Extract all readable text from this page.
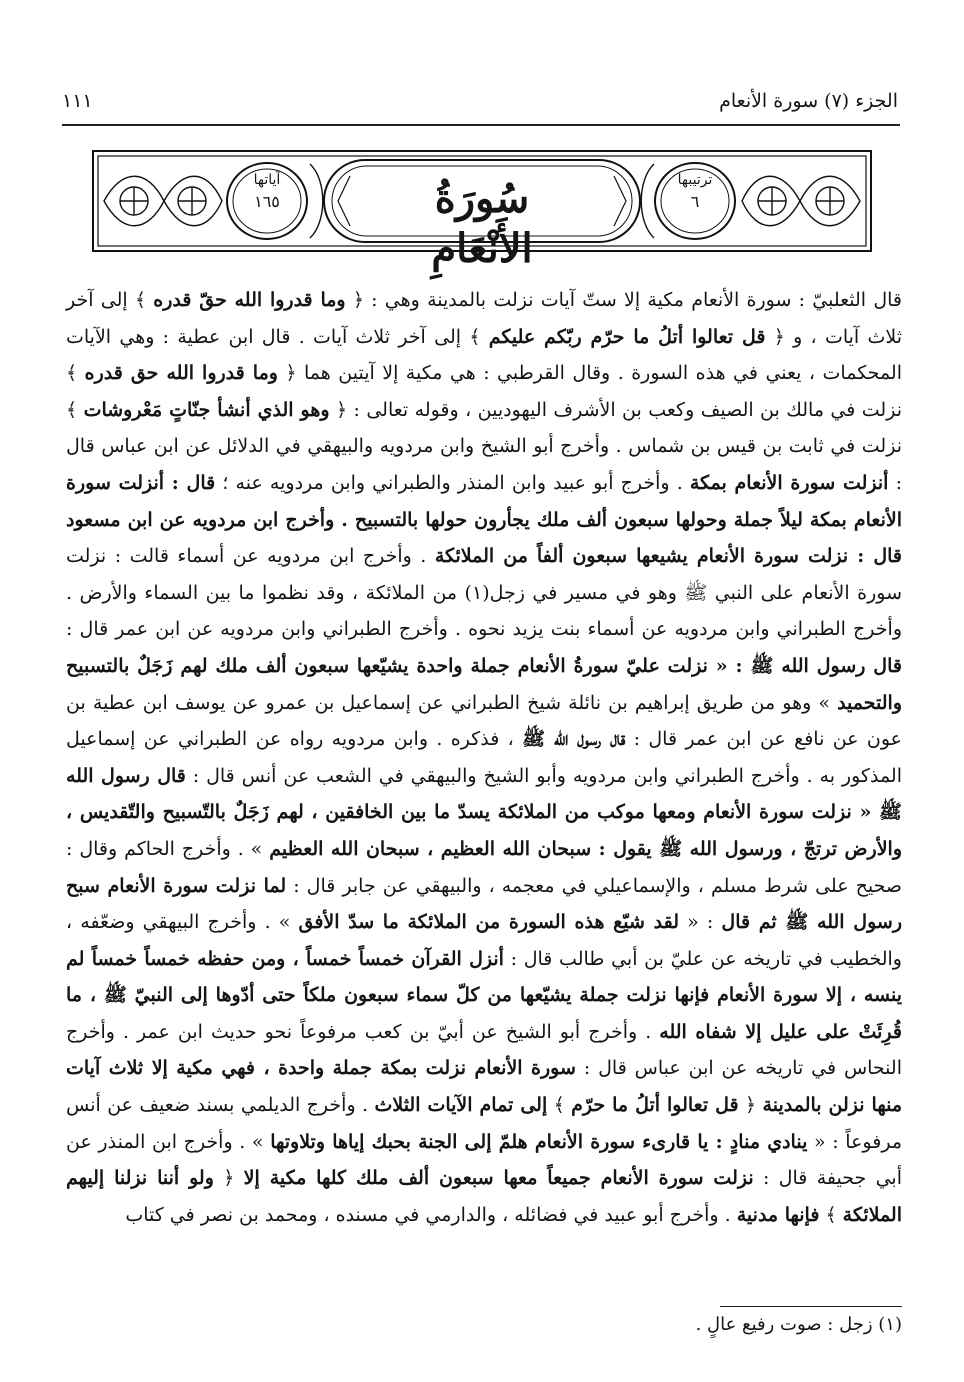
الجزء (٧) سورة الأنعام
١١١
سُورَةُ الأَنْعَامِ
ترتيبها
٦
آياتها
١٦٥
قال الثعلبيّ : سورة الأنعام مكية إلا ستّ آيات نزلت بالمدينة وهي : ﴿ وما قدروا الله حقّ قدره ﴾ إلى آخر ثلاث آيات ، و ﴿ قل تعالوا أتلُ ما حرّم ربّكم عليكم ﴾ إلى آخر ثلاث آيات . قال ابن عطية : وهي الآيات المحكمات ، يعني في هذه السورة . وقال القرطبي : هي مكية إلا آيتين هما ﴿ وما قدروا الله حق قدره ﴾ نزلت في مالك بن الصيف وكعب بن الأشرف اليهوديين ، وقوله تعالى : ﴿ وهو الذي أنشأ جنّاتٍ مَعْروشات ﴾ نزلت في ثابت بن قيس بن شماس . وأخرج أبو الشيخ وابن مردويه والبيهقي في الدلائل عن ابن عباس قال : أنزلت سورة الأنعام بمكة . وأخرج أبو عبيد وابن المنذر والطبراني وابن مردويه عنه ؛ قال : أنزلت سورة الأنعام بمكة ليلاً جملة وحولها سبعون ألف ملك يجأرون حولها بالتسبيح . وأخرج ابن مردويه عن ابن مسعود قال : نزلت سورة الأنعام يشيعها سبعون ألفاً من الملائكة . وأخرج ابن مردويه عن أسماء قالت : نزلت سورة الأنعام على النبي ﷺ وهو في مسير في زجل(١) من الملائكة ، وقد نظموا ما بين السماء والأرض . وأخرج الطبراني وابن مردويه عن أسماء بنت يزيد نحوه . وأخرج الطبراني وابن مردويه عن ابن عمر قال : قال رسول الله ﷺ : « نزلت عليّ سورةُ الأنعام جملة واحدة يشيّعها سبعون ألف ملك لهم زَجَلٌ بالتسبيح والتحميد » وهو من طريق إبراهيم بن نائلة شيخ الطبراني عن إسماعيل بن عمرو عن يوسف ابن عطية بن عون عن نافع عن ابن عمر قال : قال رسول الله ﷺ ، فذكره . وابن مردويه رواه عن الطبراني عن إسماعيل المذكور به . وأخرج الطبراني وابن مردويه وأبو الشيخ والبيهقي في الشعب عن أنس قال : قال رسول الله ﷺ « نزلت سورة الأنعام ومعها موكب من الملائكة يسدّ ما بين الخافقين ، لهم زَجَلٌ بالتّسبيح والتّقديس ، والأرض ترتجّ ، ورسول الله ﷺ يقول : سبحان الله العظيم ، سبحان الله العظيم » . وأخرج الحاكم وقال : صحيح على شرط مسلم ، والإسماعيلي في معجمه ، والبيهقي عن جابر قال : لما نزلت سورة الأنعام سبح رسول الله ﷺ ثم قال : « لقد شيّع هذه السورة من الملائكة ما سدّ الأفق » . وأخرج البيهقي وضعّفه ، والخطيب في تاريخه عن عليّ بن أبي طالب قال : أنزل القرآن خمساً خمساً ، ومن حفظه خمساً خمساً لم ينسه ، إلا سورة الأنعام فإنها نزلت جملة يشيّعها من كلّ سماء سبعون ملكاً حتى أدّوها إلى النبيّ ﷺ ، ما قُرِئَتْ على عليل إلا شفاه الله . وأخرج أبو الشيخ عن أبيّ بن كعب مرفوعاً نحو حديث ابن عمر . وأخرج النحاس في تاريخه عن ابن عباس قال : سورة الأنعام نزلت بمكة جملة واحدة ، فهي مكية إلا ثلاث آيات منها نزلن بالمدينة ﴿ قل تعالوا أتلُ ما حرّم ﴾ إلى تمام الآيات الثلاث . وأخرج الديلمي بسند ضعيف عن أنس مرفوعاً : « ينادي منادٍ : يا قارىء سورة الأنعام هلمّ إلى الجنة بحبك إياها وتلاوتها » . وأخرج ابن المنذر عن أبي جحيفة قال : نزلت سورة الأنعام جميعاً معها سبعون ألف ملك كلها مكية إلا ﴿ ولو أننا نزلنا إليهم الملائكة ﴾ فإنها مدنية . وأخرج أبو عبيد في فضائله ، والدارمي في مسنده ، ومحمد بن نصر في كتاب
(١) زجل : صوت رفيع عالٍ .
